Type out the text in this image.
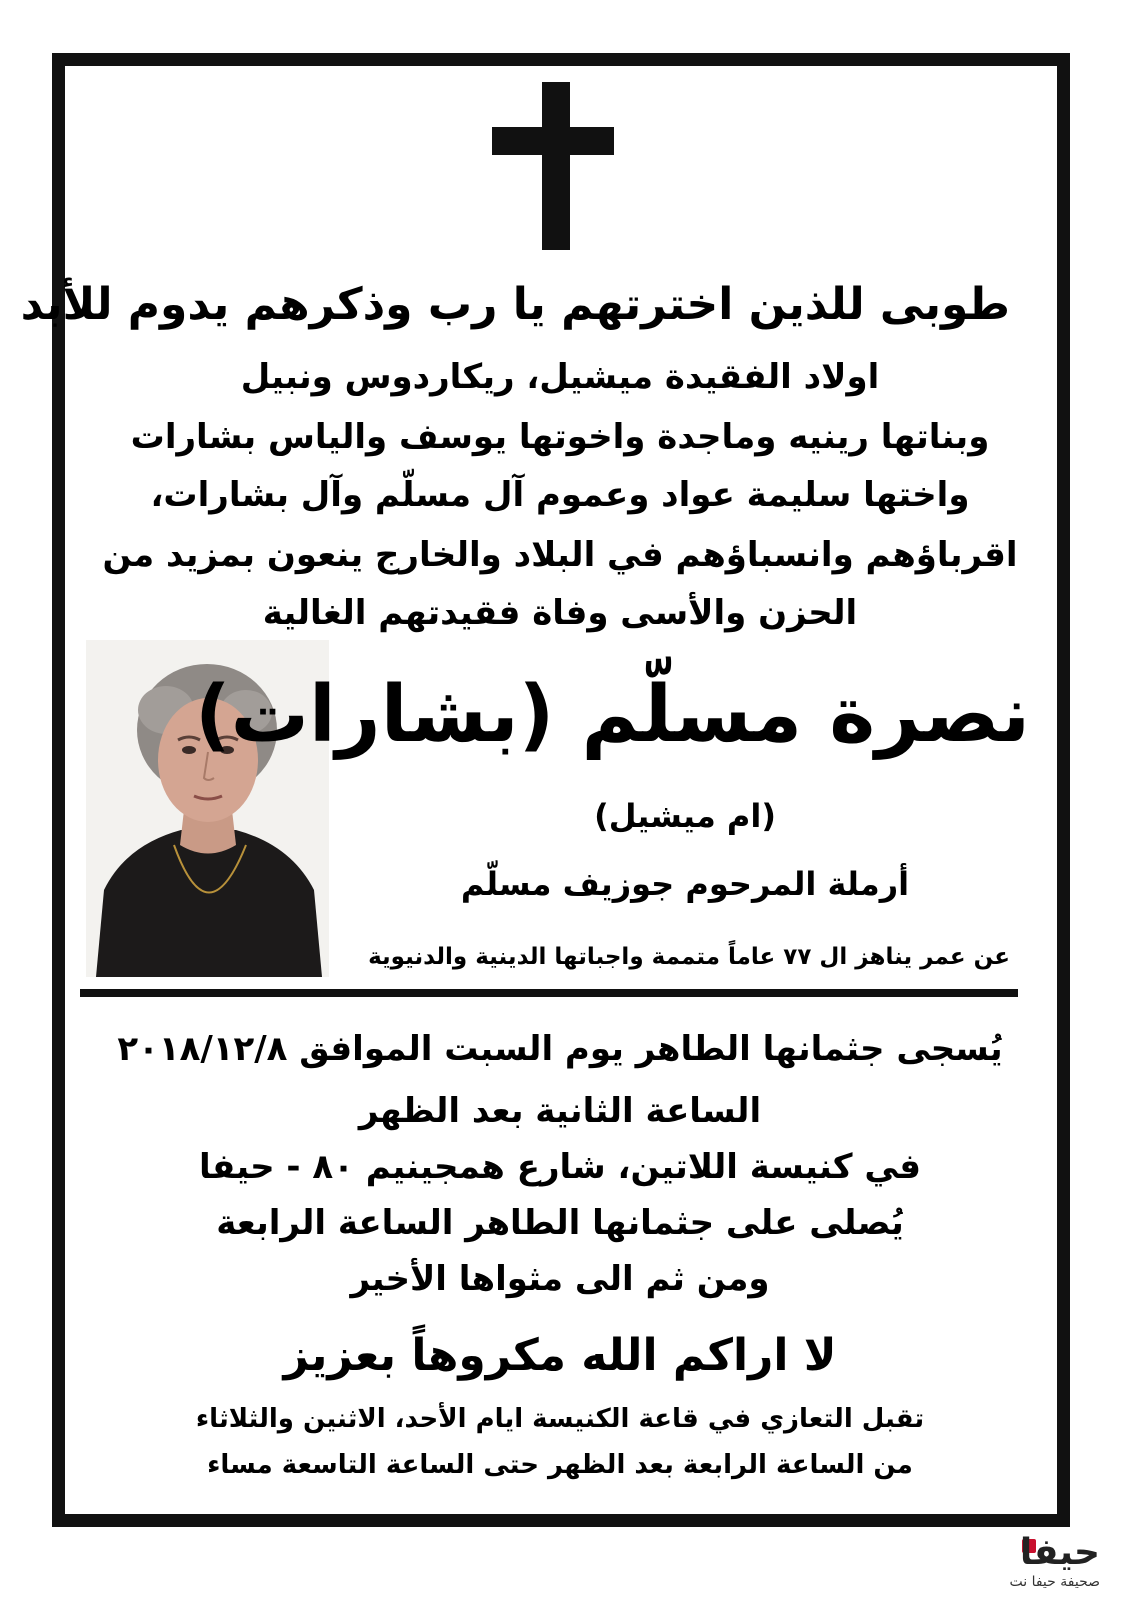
طوبى للذين اخترتهم يا رب وذكرهم يدوم للأبد
اولاد الفقيدة ميشيل، ريكاردوس ونبيل
وبناتها رينيه وماجدة واخوتها يوسف والياس بشارات
واختها سليمة عواد وعموم آل مسلّم وآل بشارات،
اقرباؤهم وانسباؤهم في البلاد والخارج ينعون بمزيد من
الحزن والأسى وفاة فقيدتهم الغالية
نصرة مسلّم (بشارات)
(ام ميشيل)
أرملة المرحوم جوزيف مسلّم
عن عمر يناهز ال ٧٧ عاماً متممة واجباتها الدينية والدنيوية
يُسجى جثمانها الطاهر يوم السبت الموافق ٢٠١٨/١٢/٨
الساعة الثانية بعد الظهر
في كنيسة اللاتين، شارع همجينيم ٨٠ - حيفا
يُصلى على جثمانها الطاهر الساعة الرابعة
ومن ثم الى مثواها الأخير
لا اراكم الله مكروهاً بعزيز
تقبل التعازي في قاعة الكنيسة ايام الأحد، الاثنين والثلاثاء
من الساعة الرابعة بعد الظهر حتى الساعة التاسعة مساء
حيفا
صحيفة حيفا نت
